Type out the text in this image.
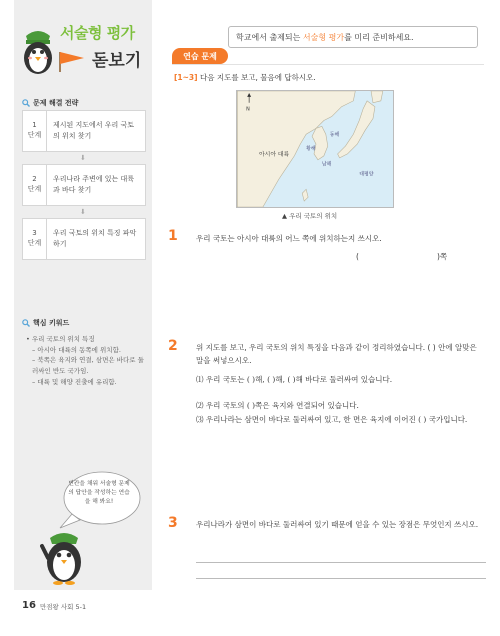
서술형 평가
돋보기
문제 해결 전략
1
단계
제시된 지도에서 우리 국토의 위치 찾기
⬇
2
단계
우리나라 주변에 있는 대륙과 바다 찾기
⬇
3
단계
우리 국토의 위치 특징 파악하기
핵심 키워드
• 우리 국토의 위치 특징
– 아시아 대륙의 동쪽에 위치함.
– 북쪽은 육지와 연결, 삼면은 바다로 둘러싸인 반도 국가임.
– 대륙 및 해양 진출에 유리함.
빈칸을 채워 서술형 문제의 답안을 작성하는 연습을 해 봐요!
16 만점왕 사회 5-1
학교에서 출제되는 서술형 평가를 미리 준비하세요.
연습 문제
[1~3] 다음 지도를 보고, 물음에 답하시오.
N
아시아 대륙
동해
황해
남해
태평양
▲ 우리 국토의 위치
1 우리 국토는 아시아 대륙의 어느 쪽에 위치하는지 쓰시오.
(	)쪽
2 위 지도를 보고, 우리 국토의 위치 특징을 다음과 같이 정리하였습니다. ( ) 안에 알맞은 말을 써넣으시오.
⑴ 우리 국토는 ( )해, ( )해, ( )해 바다로 둘러싸여 있습니다.
⑵ 우리 국토의 ( )쪽은 육지와 연결되어 있습니다.
⑶ 우리나라는 삼면이 바다로 둘러싸여 있고, 한 면은 육지에 이어진 ( ) 국가입니다.
3 우리나라가 삼면이 바다로 둘러싸여 있기 때문에 얻을 수 있는 장점은 무엇인지 쓰시오.
